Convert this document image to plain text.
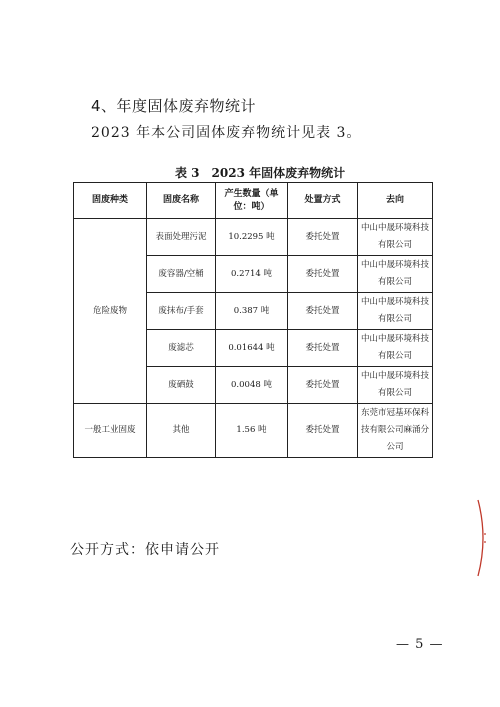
4、年度固体废弃物统计
2023 年本公司固体废弃物统计见表 3。
表 3　2023 年固体废弃物统计
固废种类	固废名称	产生数量（单位：吨）	处置方式	去向
危险废物	表面处理污泥	10.2295 吨	委托处置	中山中晟环境科技有限公司
	废容器/空桶	0.2714 吨	委托处置	中山中晟环境科技有限公司
	废抹布/手套	0.387 吨	委托处置	中山中晟环境科技有限公司
	废滤芯	0.01644 吨	委托处置	中山中晟环境科技有限公司
	废硒鼓	0.0048 吨	委托处置	中山中晟环境科技有限公司
一般工业固废	其他	1.56 吨	委托处置	东莞市冠基环保科技有限公司麻涌分公司
公开方式：依申请公开
— 5 —
